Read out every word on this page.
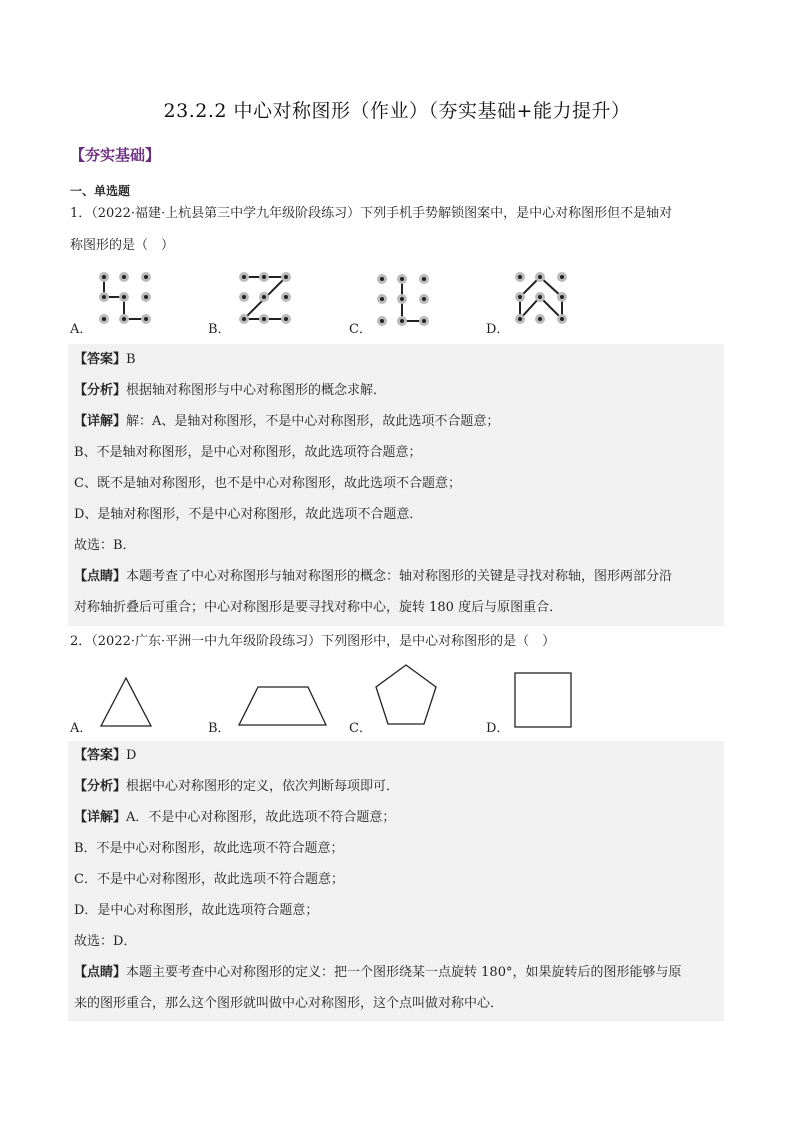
23.2.2 中心对称图形（作业）（夯实基础+能力提升）
【夯实基础】
一、单选题
1．（2022·福建·上杭县第三中学九年级阶段练习）下列手机手势解锁图案中，是中心对称图形但不是轴对
称图形的是（　）
A．	B．	C．	D．
【答案】B
【分析】根据轴对称图形与中心对称图形的概念求解．
【详解】解：A、是轴对称图形，不是中心对称图形，故此选项不合题意；
B、不是轴对称图形，是中心对称图形，故此选项符合题意；
C、既不是轴对称图形，也不是中心对称图形，故此选项不合题意；
D、是轴对称图形，不是中心对称图形，故此选项不合题意．
故选：B．
【点睛】本题考查了中心对称图形与轴对称图形的概念：轴对称图形的关键是寻找对称轴，图形两部分沿
对称轴折叠后可重合；中心对称图形是要寻找对称中心，旋转 180 度后与原图重合．
2．（2022·广东·平洲一中九年级阶段练习）下列图形中，是中心对称图形的是（　）
A．	B．	C．	D．
【答案】D
【分析】根据中心对称图形的定义，依次判断每项即可．
【详解】A．不是中心对称图形，故此选项不符合题意；
B．不是中心对称图形，故此选项不符合题意；
C．不是中心对称图形，故此选项不符合题意；
D．是中心对称图形，故此选项符合题意；
故选：D．
【点睛】本题主要考查中心对称图形的定义：把一个图形绕某一点旋转 180°，如果旋转后的图形能够与原
来的图形重合，那么这个图形就叫做中心对称图形，这个点叫做对称中心．
